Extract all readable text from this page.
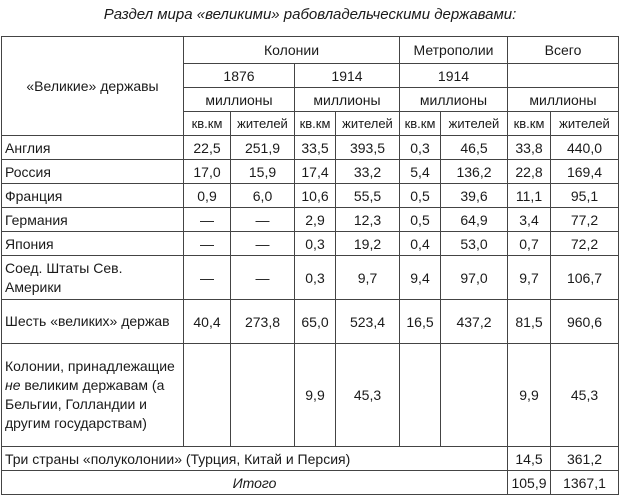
Раздел мира «великими» рабовладельческими державами:
«Великие» державы	Колонии				Метрополии		Всего	
	1876		1914		1914			
	миллионы		миллионы		миллионы		миллионы	
	кв.км	жителей	кв.км	жителей	кв.км	жителей	кв.км	жителей
Англия	22,5	251,9	33,5	393,5	0,3	46,5	33,8	440,0
Россия	17,0	15,9	17,4	33,2	5,4	136,2	22,8	169,4
Франция	0,9	6,0	10,6	55,5	0,5	39,6	11,1	95,1
Германия	—	—	2,9	12,3	0,5	64,9	3,4	77,2
Япония	—	—	0,3	19,2	0,4	53,0	0,7	72,2
Соед. Штаты Сев. Америки	—	—	0,3	9,7	9,4	97,0	9,7	106,7
Шесть «великих» держав	40,4	273,8	65,0	523,4	16,5	437,2	81,5	960,6
Колонии, принадлежащие не великим державам (а Бельгии, Голландии и другим государствам)			9,9	45,3			9,9	45,3
Три страны «полуколонии» (Турция, Китай и Персия)							14,5	361,2
Итого							105,9	1367,1
